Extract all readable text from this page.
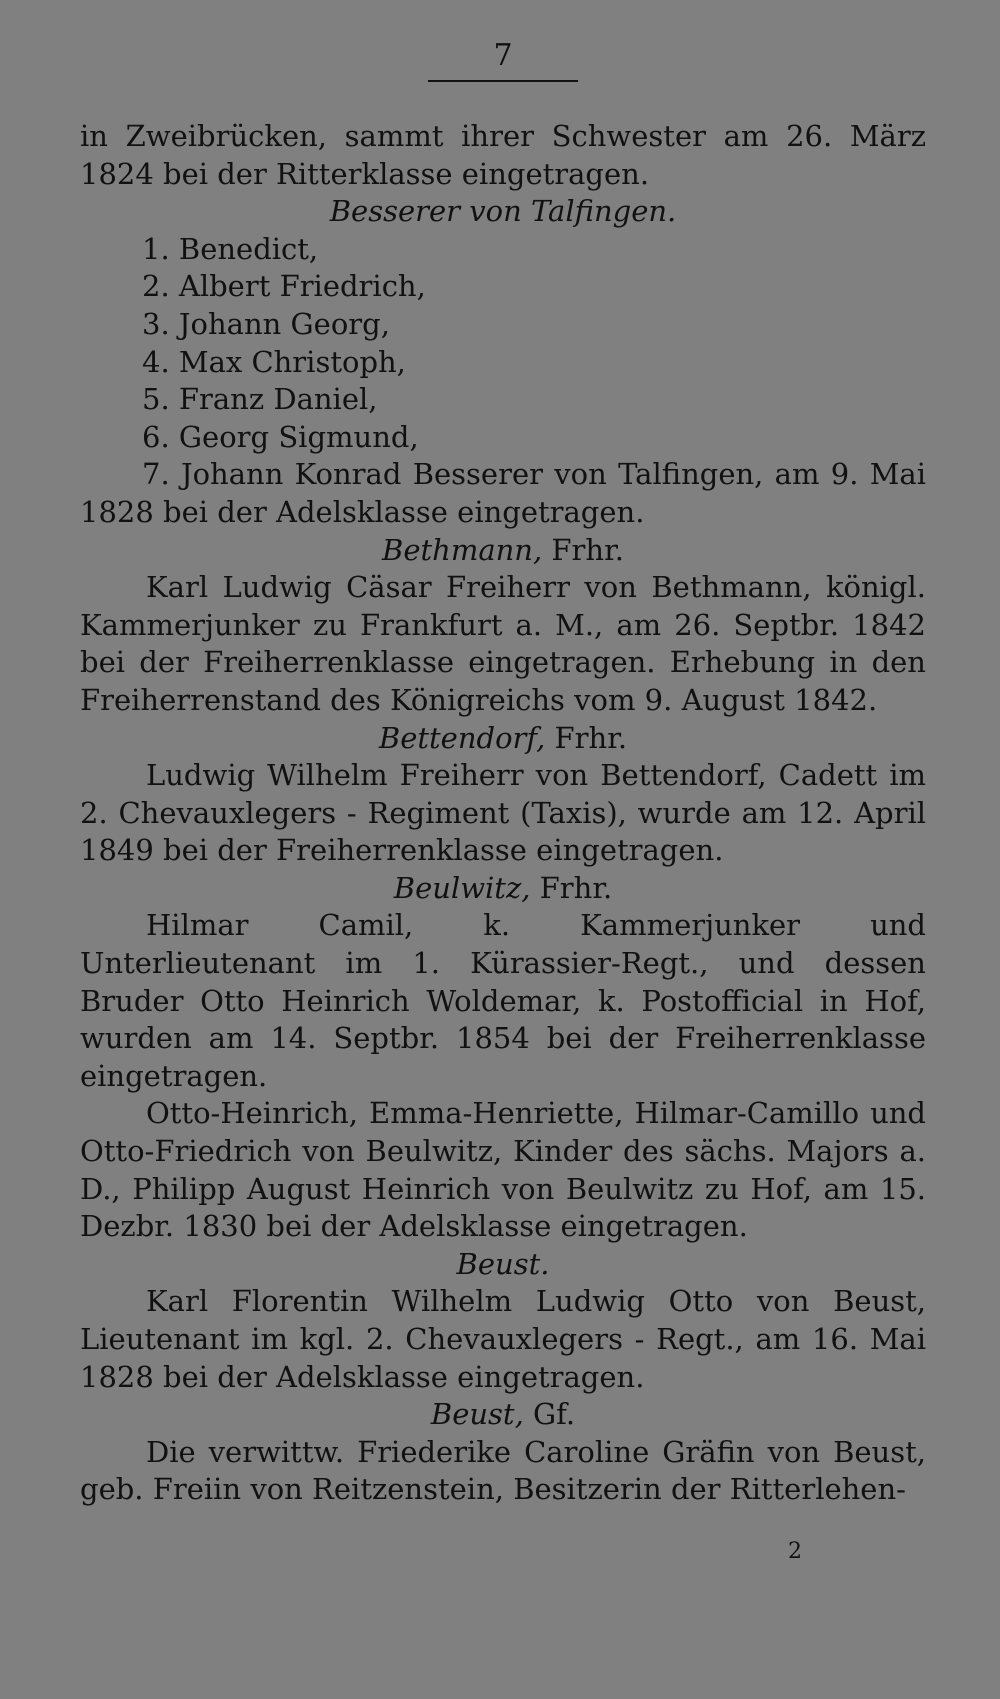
7

in Zweibrücken, sammt ihrer Schwester am 26. März 1824 bei der Ritterklasse eingetragen.

Besserer von Talfingen.

1. Benedict,
2. Albert Friedrich,
3. Johann Georg,
4. Max Christoph,
5. Franz Daniel,
6. Georg Sigmund,
7. Johann Konrad Besserer von Talfingen, am 9. Mai 1828 bei der Adelsklasse eingetragen.

Bethmann, Frhr.

Karl Ludwig Cäsar Freiherr von Bethmann, königl. Kammerjunker zu Frankfurt a. M., am 26. Septbr. 1842 bei der Freiherrenklasse eingetragen. Erhebung in den Freiherrenstand des Königreichs vom 9. August 1842.

Bettendorf, Frhr.

Ludwig Wilhelm Freiherr von Bettendorf, Cadett im 2. Chevauxlegers - Regiment (Taxis), wurde am 12. April 1849 bei der Freiherrenklasse eingetragen.

Beulwitz, Frhr.

Hilmar Camil, k. Kammerjunker und Unterlieutenant im 1. Kürassier-Regt., und dessen Bruder Otto Heinrich Woldemar, k. Postofficial in Hof, wurden am 14. Septbr. 1854 bei der Freiherrenklasse eingetragen.

Otto-Heinrich, Emma-Henriette, Hilmar-Camillo und Otto-Friedrich von Beulwitz, Kinder des sächs. Majors a. D., Philipp August Heinrich von Beulwitz zu Hof, am 15. Dezbr. 1830 bei der Adelsklasse eingetragen.

Beust.

Karl Florentin Wilhelm Ludwig Otto von Beust, Lieutenant im kgl. 2. Chevauxlegers - Regt., am 16. Mai 1828 bei der Adelsklasse eingetragen.

Beust, Gf.

Die verwittw. Friederike Caroline Gräfin von Beust, geb. Freiin von Reitzenstein, Besitzerin der Ritterlehen-

2
